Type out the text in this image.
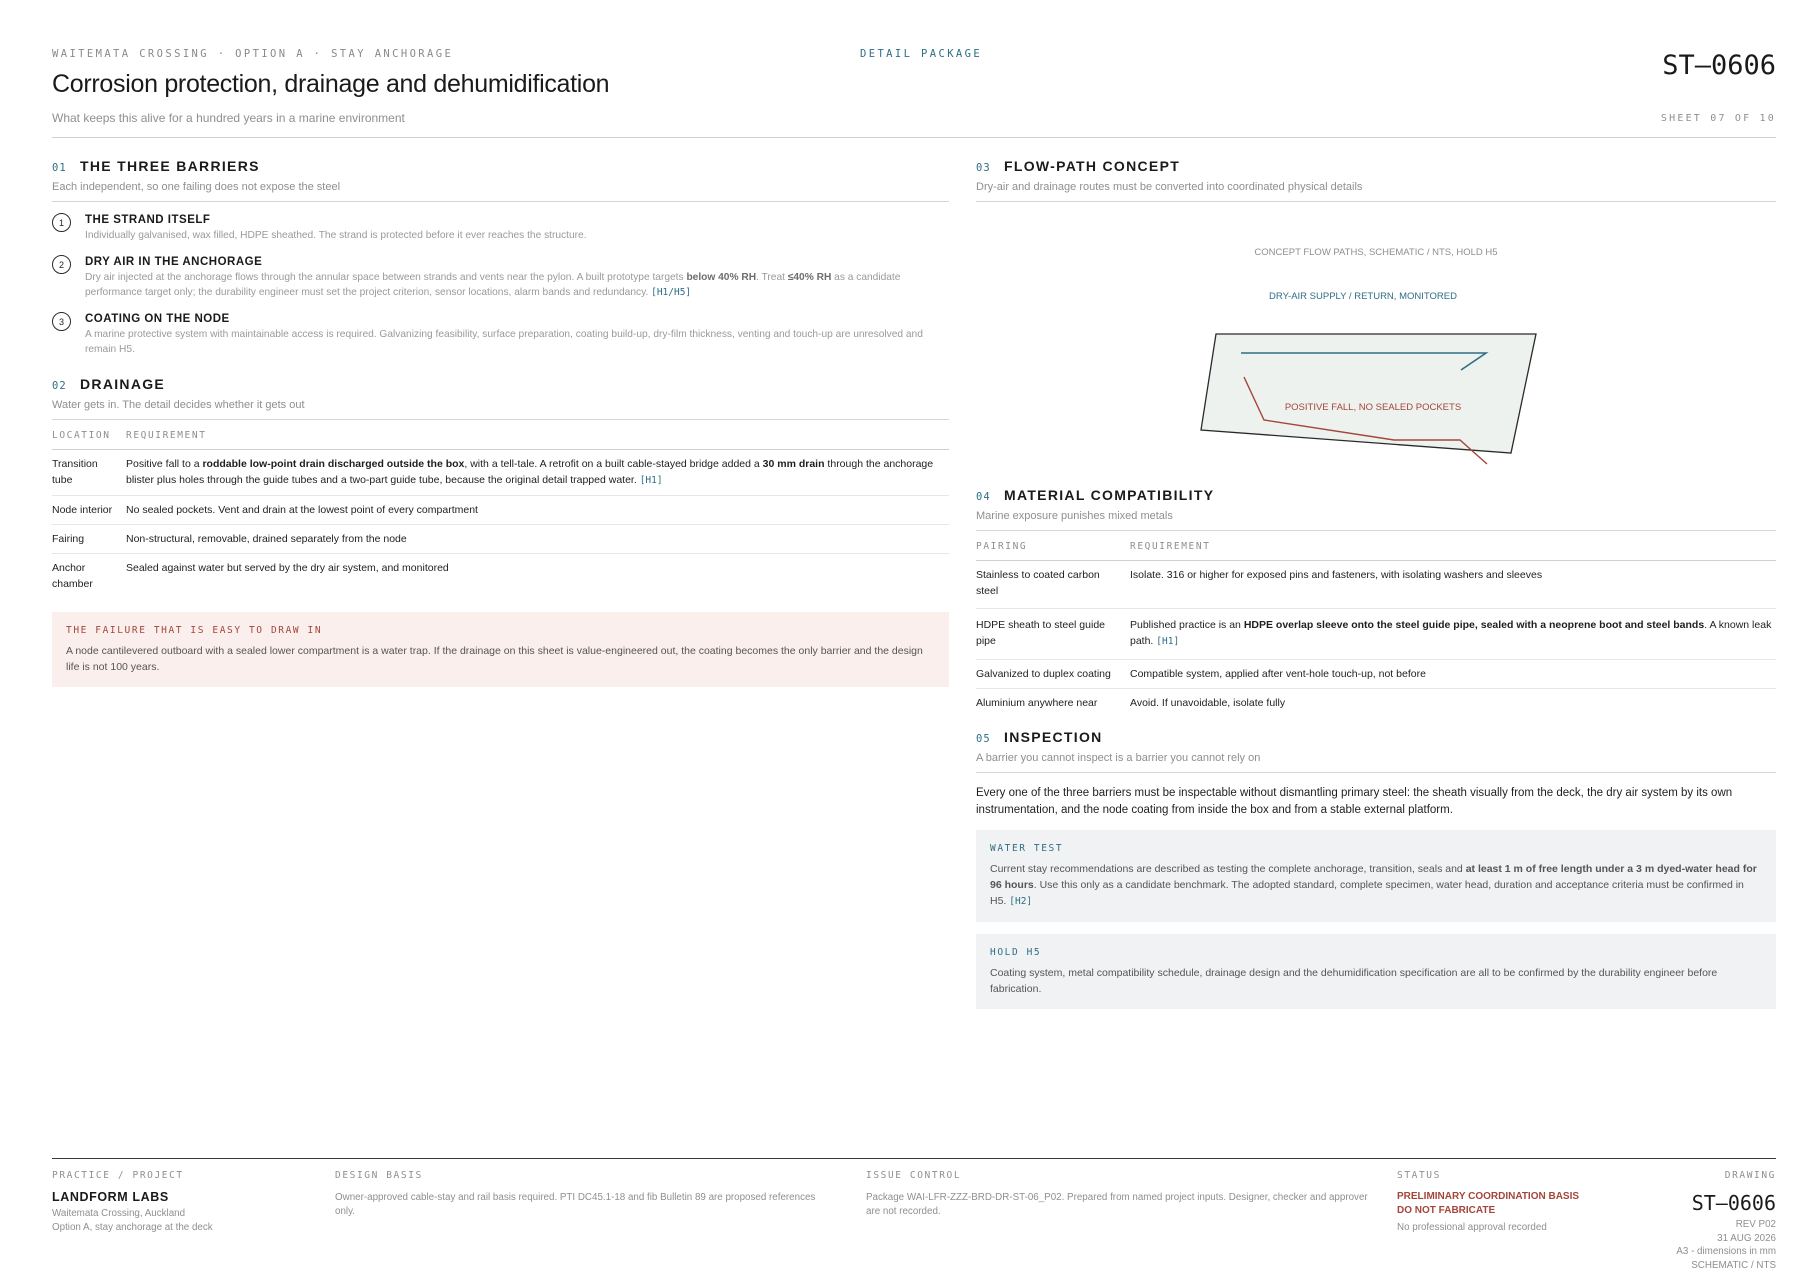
WAITEMATA CROSSING · OPTION A · STAY ANCHORAGE	DETAIL PACKAGE
Corrosion protection, drainage and dehumidification
What keeps this alive for a hundred years in a marine environment
ST–0606
SHEET 07 OF 10
01 THE THREE BARRIERS
Each independent, so one failing does not expose the steel
1	THE STRAND ITSELF
Individually galvanised, wax filled, HDPE sheathed. The strand is protected before it ever reaches the structure.
2	DRY AIR IN THE ANCHORAGE
Dry air injected at the anchorage flows through the annular space between strands and vents near the pylon. A built prototype targets below 40% RH. Treat ≤40% RH as a candidate performance target only; the durability engineer must set the project criterion, sensor locations, alarm bands and redundancy. [H1/H5]
3	COATING ON THE NODE
A marine protective system with maintainable access is required. Galvanizing feasibility, surface preparation, coating build-up, dry-film thickness, venting and touch-up are unresolved and remain H5.
02 DRAINAGE
Water gets in. The detail decides whether it gets out
LOCATION	REQUIREMENT
Transition tube	Positive fall to a roddable low-point drain discharged outside the box, with a tell-tale. A retrofit on a built cable-stayed bridge added a 30 mm drain through the anchorage blister plus holes through the guide tubes and a two-part guide tube, because the original detail trapped water. [H1]
Node interior	No sealed pockets. Vent and drain at the lowest point of every compartment
Fairing	Non-structural, removable, drained separately from the node
Anchor chamber	Sealed against water but served by the dry air system, and monitored
THE FAILURE THAT IS EASY TO DRAW IN
A node cantilevered outboard with a sealed lower compartment is a water trap. If the drainage on this sheet is value-engineered out, the coating becomes the only barrier and the design life is not 100 years.
03 FLOW-PATH CONCEPT
Dry-air and drainage routes must be converted into coordinated physical details
CONCEPT FLOW PATHS, SCHEMATIC / NTS, HOLD H5
DRY-AIR SUPPLY / RETURN, MONITORED
POSITIVE FALL, NO SEALED POCKETS
04 MATERIAL COMPATIBILITY
Marine exposure punishes mixed metals
PAIRING	REQUIREMENT
Stainless to coated carbon steel	Isolate. 316 or higher for exposed pins and fasteners, with isolating washers and sleeves
HDPE sheath to steel guide pipe	Published practice is an HDPE overlap sleeve onto the steel guide pipe, sealed with a neoprene boot and steel bands. A known leak path. [H1]
Galvanized to duplex coating	Compatible system, applied after vent-hole touch-up, not before
Aluminium anywhere near	Avoid. If unavoidable, isolate fully
05 INSPECTION
A barrier you cannot inspect is a barrier you cannot rely on
Every one of the three barriers must be inspectable without dismantling primary steel: the sheath visually from the deck, the dry air system by its own instrumentation, and the node coating from inside the box and from a stable external platform.
WATER TEST
Current stay recommendations are described as testing the complete anchorage, transition, seals and at least 1 m of free length under a 3 m dyed-water head for 96 hours. Use this only as a candidate benchmark. The adopted standard, complete specimen, water head, duration and acceptance criteria must be confirmed in H5. [H2]
HOLD H5
Coating system, metal compatibility schedule, drainage design and the dehumidification specification are all to be confirmed by the durability engineer before fabrication.
PRACTICE / PROJECT
LANDFORM LABS
Waitemata Crossing, Auckland
Option A, stay anchorage at the deck
DESIGN BASIS
Owner-approved cable-stay and rail basis required. PTI DC45.1-18 and fib Bulletin 89 are proposed references only.
ISSUE CONTROL
Package WAI-LFR-ZZZ-BRD-DR-ST-06_P02. Prepared from named project inputs. Designer, checker and approver are not recorded.
STATUS
PRELIMINARY COORDINATION BASIS
DO NOT FABRICATE
No professional approval recorded
DRAWING
ST–0606
REV P02
31 AUG 2026
A3 - dimensions in mm
SCHEMATIC / NTS
